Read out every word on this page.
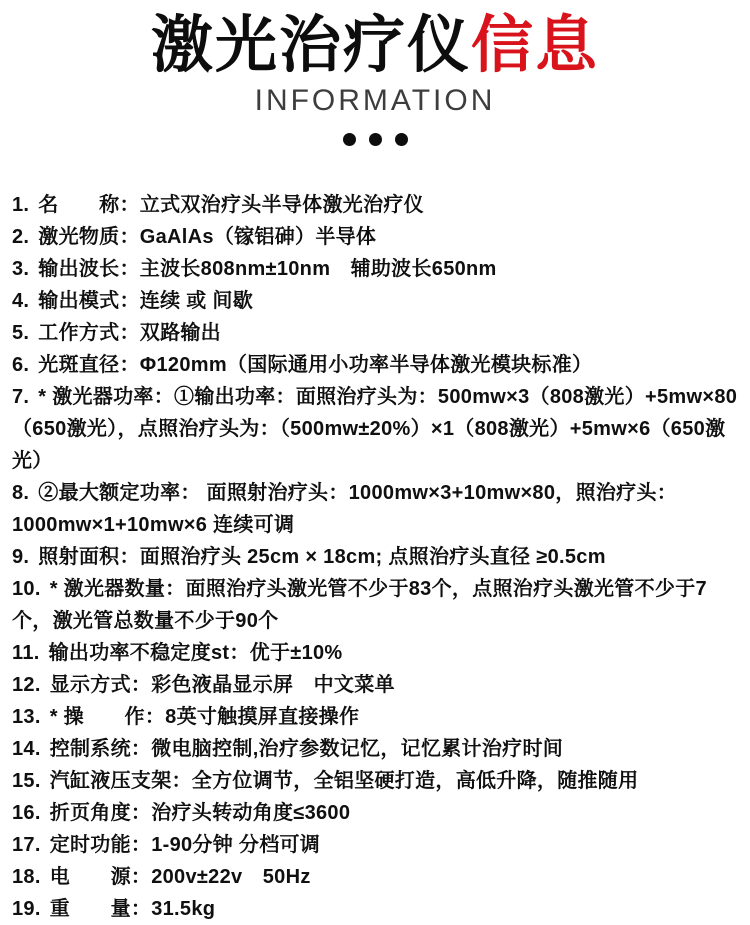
激光治疗仪信息
INFORMATION
1. 名　　称：立式双治疗头半导体激光治疗仪
2. 激光物质：GaAlAs（镓铝砷）半导体
3. 输出波长：主波长808nm±10nm　辅助波长650nm
4. 输出模式：连续 或 间歇
5. 工作方式：双路输出
6. 光斑直径：Φ120mm（国际通用小功率半导体激光模块标准）
7. * 激光器功率：①输出功率：面照治疗头为：500mw×3（808激光）+5mw×80（650激光），点照治疗头为：（500mw±20%）×1（808激光）+5mw×6（650激光）
8. ②最大额定功率： 面照射治疗头：1000mw×3+10mw×80，照治疗头：1000mw×1+10mw×6 连续可调
9. 照射面积：面照治疗头 25cm × 18cm; 点照治疗头直径 ≥0.5cm
10. * 激光器数量：面照治疗头激光管不少于83个，点照治疗头激光管不少于7个，激光管总数量不少于90个
11. 输出功率不稳定度st：优于±10%
12. 显示方式：彩色液晶显示屏　中文菜单
13. * 操　　作：8英寸触摸屏直接操作
14. 控制系统：微电脑控制,治疗参数记忆，记忆累计治疗时间
15. 汽缸液压支架：全方位调节，全铝坚硬打造，高低升降，随推随用
16. 折页角度：治疗头转动角度≤3600
17. 定时功能：1-90分钟 分档可调
18. 电　　源：200v±22v　50Hz
19. 重　　量：31.5kg
